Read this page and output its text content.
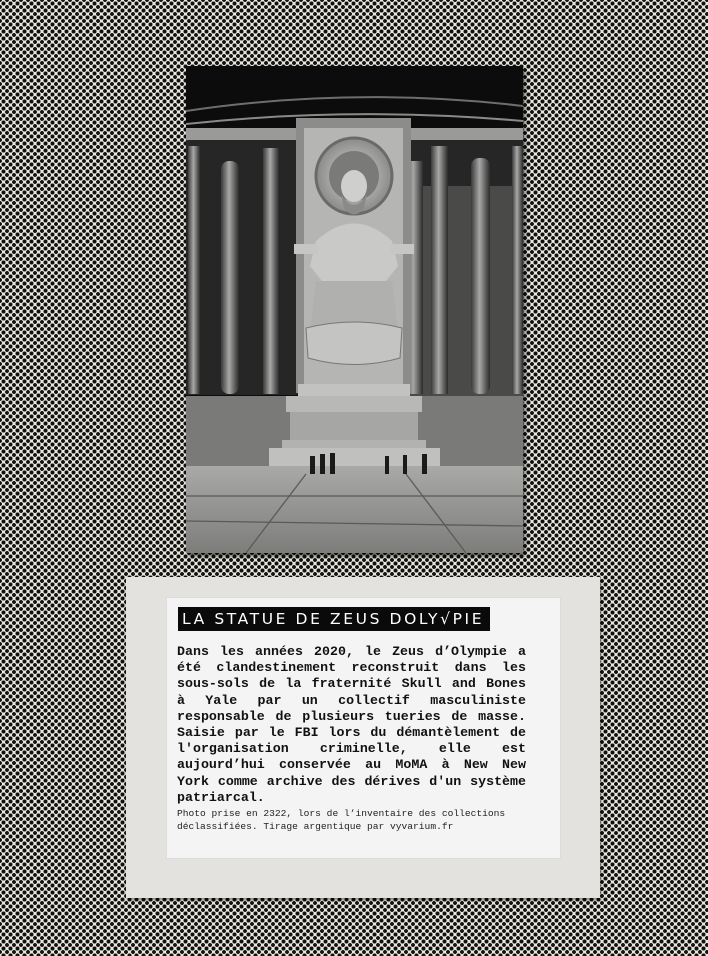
LA STATUE DE ZEUS DOLY√PIE

Dans les années 2020, le Zeus d’Olympie a été clandestinement reconstruit dans les sous-sols de la fraternité Skull and Bones à Yale par un collectif masculiniste responsable de plusieurs tueries de masse. Saisie par le FBI lors du démantèlement de l'organisation criminelle, elle est aujourd’hui conservée au MoMA à New New York comme archive des dérives d'un système patriarcal.

Photo prise en 2322, lors de l’inventaire des collections déclassifiées. Tirage argentique par vyvarium.fr
